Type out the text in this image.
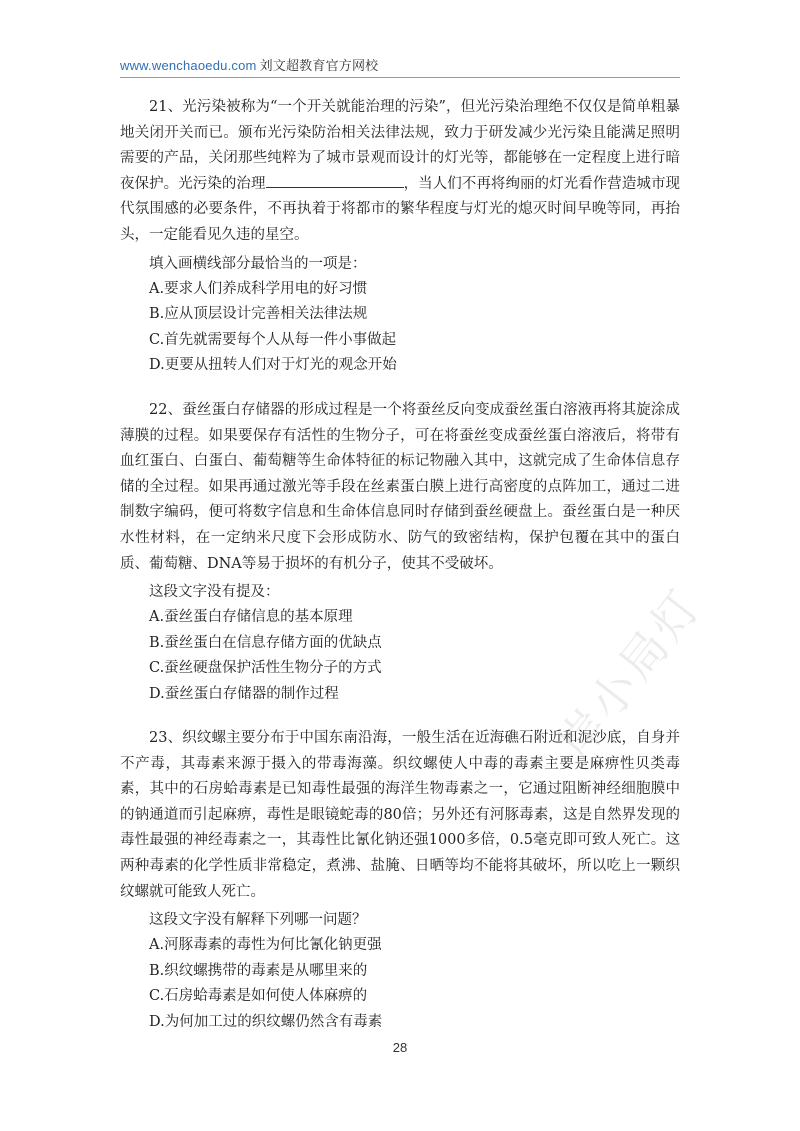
www.wenchaoedu.com 刘文超教育官方网校

21、光污染被称为“一个开关就能治理的污染”，但光污染治理绝不仅仅是简单粗暴地关闭开关而已。颁布光污染防治相关法律法规，致力于研发减少光污染且能满足照明需要的产品，关闭那些纯粹为了城市景观而设计的灯光等，都能够在一定程度上进行暗夜保护。光污染的治理	，当人们不再将绚丽的灯光看作营造城市现代氛围感的必要条件，不再执着于将都市的繁华程度与灯光的熄灭时间早晚等同，再抬头，一定能看见久违的星空。

填入画横线部分最恰当的一项是：
A.要求人们养成科学用电的好习惯
B.应从顶层设计完善相关法律法规
C.首先就需要每个人从每一件小事做起
D.更要从扭转人们对于灯光的观念开始

22、蚕丝蛋白存储器的形成过程是一个将蚕丝反向变成蚕丝蛋白溶液再将其旋涂成薄膜的过程。如果要保存有活性的生物分子，可在将蚕丝变成蚕丝蛋白溶液后，将带有血红蛋白、白蛋白、葡萄糖等生命体特征的标记物融入其中，这就完成了生命体信息存储的全过程。如果再通过激光等手段在丝素蛋白膜上进行高密度的点阵加工，通过二进制数字编码，便可将数字信息和生命体信息同时存储到蚕丝硬盘上。蚕丝蛋白是一种厌水性材料，在一定纳米尺度下会形成防水、防气的致密结构，保护包覆在其中的蛋白质、葡萄糖、DNA等易于损坏的有机分子，使其不受破坏。

这段文字没有提及：
A.蚕丝蛋白存储信息的基本原理
B.蚕丝蛋白在信息存储方面的优缺点
C.蚕丝硬盘保护活性生物分子的方式
D.蚕丝蛋白存储器的制作过程

23、织纹螺主要分布于中国东南沿海，一般生活在近海礁石附近和泥沙底，自身并不产毒，其毒素来源于摄入的带毒海藻。织纹螺使人中毒的毒素主要是麻痹性贝类毒素，其中的石房蛤毒素是已知毒性最强的海洋生物毒素之一，它通过阻断神经细胞膜中的钠通道而引起麻痹，毒性是眼镜蛇毒的80倍；另外还有河豚毒素，这是自然界发现的毒性最强的神经毒素之一，其毒性比氰化钠还强1000多倍，0.5毫克即可致人死亡。这两种毒素的化学性质非常稳定，煮沸、盐腌、日晒等均不能将其破坏，所以吃上一颗织纹螺就可能致人死亡。

这段文字没有解释下列哪一问题？
A.河豚毒素的毒性为何比氰化钠更强
B.织纹螺携带的毒素是从哪里来的
C.石房蛤毒素是如何使人体麻痹的
D.为何加工过的织纹螺仍然含有毒素
岸小局灯
28
